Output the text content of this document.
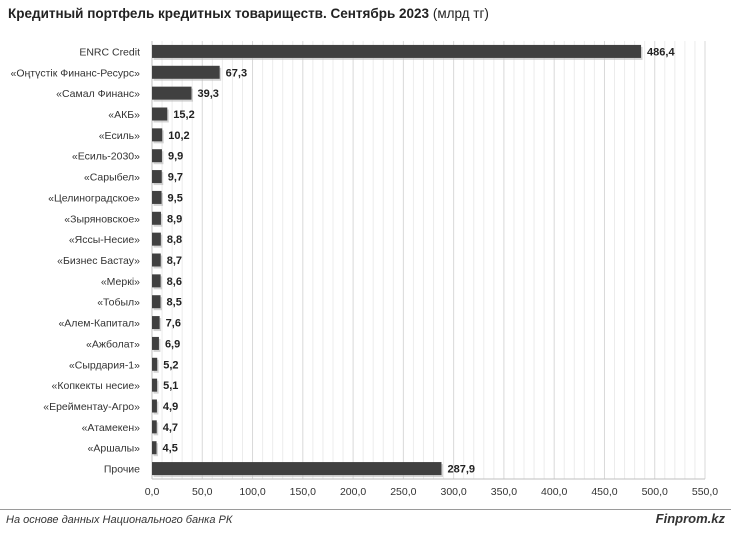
Кредитный портфель кредитных товариществ. Сентябрь 2023 (млрд тг)
0,0	50,0	100,0 150,0 200,0 250,0 300,0 350,0 400,0 450,0 500,0 550,0
ENRC Credit	486,4
«Оңтүстік Финанс-Ресурс»	67,3
«Самал Финанс»	39,3
«АКБ»	15,2
«Есиль»	10,2
«Есиль-2030»	9,9
«Сарыбел»	9,7
«Целиноградское»	9,5
«Зыряновское» 8,9
«Яссы-Несие» 8,8
«Бизнес Бастау» 8,7
«Меркі» 8,6
«Тобыл» 8,5
«Алем-Капитал» 7,6
«Ажболат» 6,9
«Сырдария-1» 5,2
«Копкекты несие» 5,1
«Ерейментау-Агро» 4,9
«Атамекен» 4,7
«Аршалы» 4,5
Прочие	287,9
На основе данных Национального банка РК	Finprom.kz
